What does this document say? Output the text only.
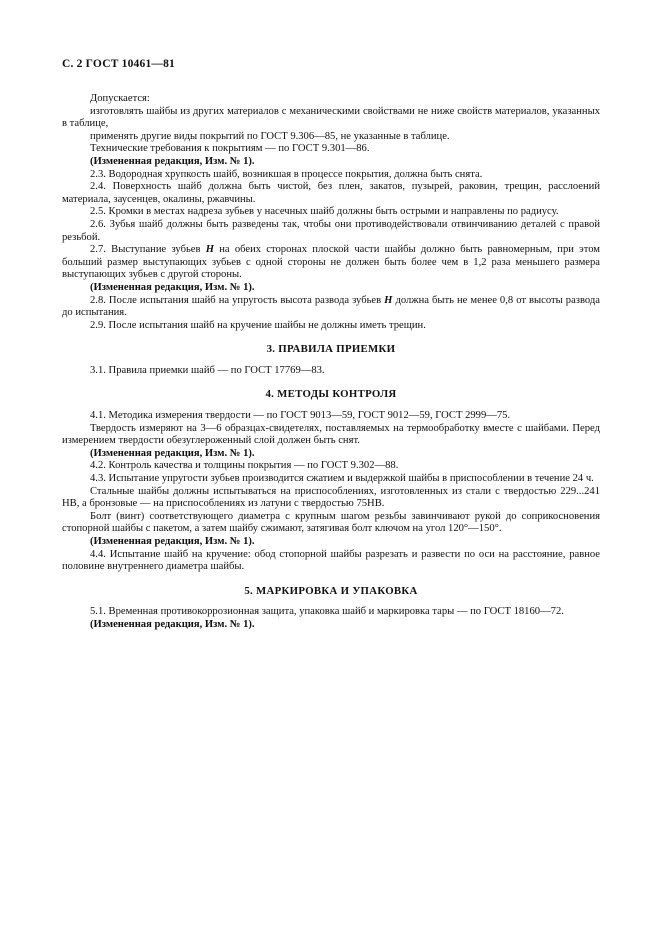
С. 2 ГОСТ 10461—81

Допускается:

изготовлять шайбы из других материалов с механическими свойствами не ниже свойств материалов, указанных в таблице,

применять другие виды покрытий по ГОСТ 9.306—85, не указанные в таблице.

Технические требования к покрытиям — по ГОСТ 9.301—86.

(Измененная редакция, Изм. № 1).

2.3. Водородная хрупкость шайб, возникшая в процессе покрытия, должна быть снята.

2.4. Поверхность шайб должна быть чистой, без плен, закатов, пузырей, раковин, трещин, расслоений материала, заусенцев, окалины, ржавчины.

2.5. Кромки в местах надреза зубьев у насечных шайб должны быть острыми и направлены по радиусу.

2.6. Зубья шайб должны быть разведены так, чтобы они противодействовали отвинчиванию деталей с правой резьбой.

2.7. Выступание зубьев H на обеих сторонах плоской части шайбы должно быть равномерным, при этом больший размер выступающих зубьев с одной стороны не должен быть более чем в 1,2 раза меньшего размера выступающих зубьев с другой стороны.

(Измененная редакция, Изм. № 1).

2.8. После испытания шайб на упругость высота развода зубьев H должна быть не менее 0,8 от высоты развода до испытания.

2.9. После испытания шайб на кручение шайбы не должны иметь трещин.

3. ПРАВИЛА ПРИЕМКИ

3.1. Правила приемки шайб — по ГОСТ 17769—83.

4. МЕТОДЫ КОНТРОЛЯ

4.1. Методика измерения твердости — по ГОСТ 9013—59, ГОСТ 9012—59, ГОСТ 2999—75.

Твердость измеряют на 3—6 образцах-свидетелях, поставляемых на термообработку вместе с шайбами. Перед измерением твердости обезуглероженный слой должен быть снят.

(Измененная редакция, Изм. № 1).

4.2. Контроль качества и толщины покрытия — по ГОСТ 9.302—88.

4.3. Испытание упругости зубьев производится сжатием и выдержкой шайбы в приспособлении в течение 24 ч.

Стальные шайбы должны испытываться на приспособлениях, изготовленных из стали с твердостью 229...241 НВ, а бронзовые — на приспособлениях из латуни с твердостью 75НВ.

Болт (винт) соответствующего диаметра с крупным шагом резьбы завинчивают рукой до соприкосновения стопорной шайбы с пакетом, а затем шайбу сжимают, затягивая болт ключом на угол 120°—150°.

(Измененная редакция, Изм. № 1).

4.4. Испытание шайб на кручение: обод стопорной шайбы разрезать и развести по оси на расстояние, равное половине внутреннего диаметра шайбы.

5. МАРКИРОВКА И УПАКОВКА

5.1. Временная противокоррозионная защита, упаковка шайб и маркировка тары — по ГОСТ 18160—72.

(Измененная редакция, Изм. № 1).
